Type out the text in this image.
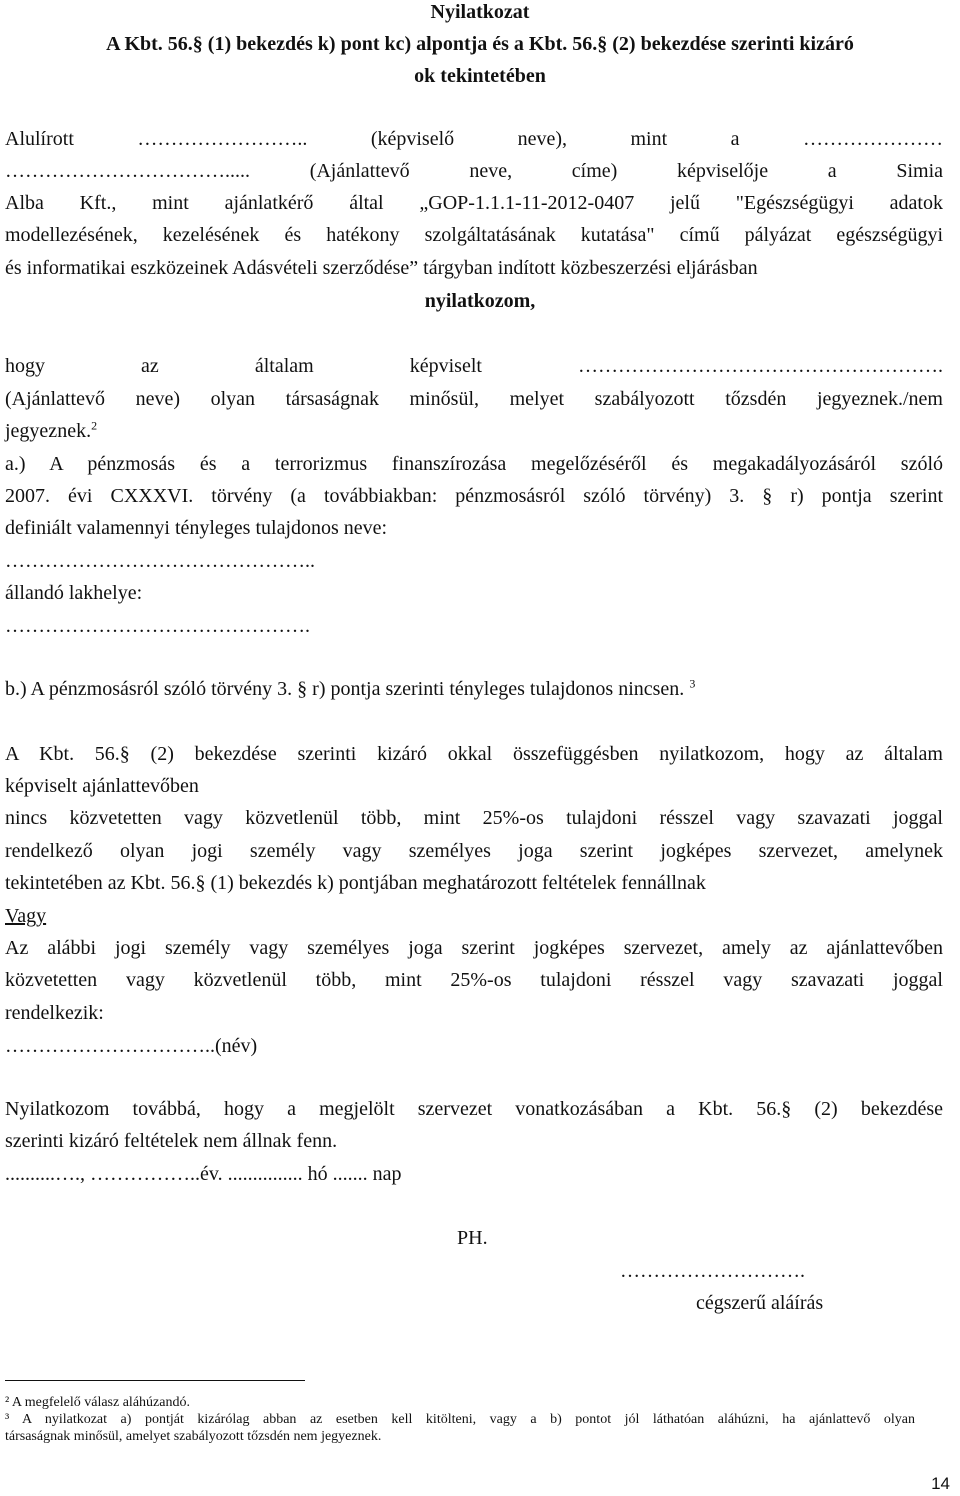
Nyilatkozat
A Kbt. 56.§ (1) bekezdés k) pont kc) alpontja és a Kbt. 56.§ (2) bekezdése szerinti kizáró
ok tekintetében
Alulírott …………………….. (képviselő neve), mint a …………………
……………………………..... (Ajánlattevő neve, címe) képviselője a Simia
Alba Kft., mint ajánlatkérő által „GOP-1.1.1-11-2012-0407 jelű "Egészségügyi adatok
modellezésének, kezelésének és hatékony szolgáltatásának kutatása" című pályázat egészségügyi
és informatikai eszközeinek Adásvételi szerződése” tárgyban indított közbeszerzési eljárásban
nyilatkozom,
hogy az általam képviselt ……………………………………………….
(Ajánlattevő neve) olyan társaságnak minősül, melyet szabályozott tőzsdén jegyeznek./nem
jegyeznek.$^2$
a.) A pénzmosás és a terrorizmus finanszírozása megelőzéséről és megakadályozásáról szóló
2007. évi CXXXVI. törvény (a továbbiakban: pénzmosásról szóló törvény) 3. § r) pontja szerint
definiált valamennyi tényleges tulajdonos neve:
………………………………………..
állandó lakhelye:
……………………………………….
b.) A pénzmosásról szóló törvény 3. § r) pontja szerinti tényleges tulajdonos nincsen. $^3$
A Kbt. 56.§ (2) bekezdése szerinti kizáró okkal összefüggésben nyilatkozom, hogy az általam
képviselt ajánlattevőben
nincs közvetetten vagy közvetlenül több, mint 25%-os tulajdoni résszel vagy szavazati joggal
rendelkező olyan jogi személy vagy személyes joga szerint jogképes szervezet, amelynek
tekintetében az Kbt. 56.§ (1) bekezdés k) pontjában meghatározott feltételek fennállnak
Vagy
Az alábbi jogi személy vagy személyes joga szerint jogképes szervezet, amely az ajánlattevőben
közvetetten vagy közvetlenül több, mint 25%-os tulajdoni résszel vagy szavazati joggal
rendelkezik:
…………………………..(név)
Nyilatkozom továbbá, hogy a megjelölt szervezet vonatkozásában a Kbt. 56.§ (2) bekezdése
szerinti kizáró feltételek nem állnak fenn.
..........…., ……………..év. ............... hó ....... nap
PH.
……………………….
cégszerű aláírás
² A megfelelő válasz aláhúzandó.
³ A nyilatkozat a) pontját kizárólag abban az esetben kell kitölteni, vagy a b) pontot jól láthatóan aláhúzni, ha ajánlattevő olyan
társaságnak minősül, amelyet szabályozott tőzsdén nem jegyeznek.
14
